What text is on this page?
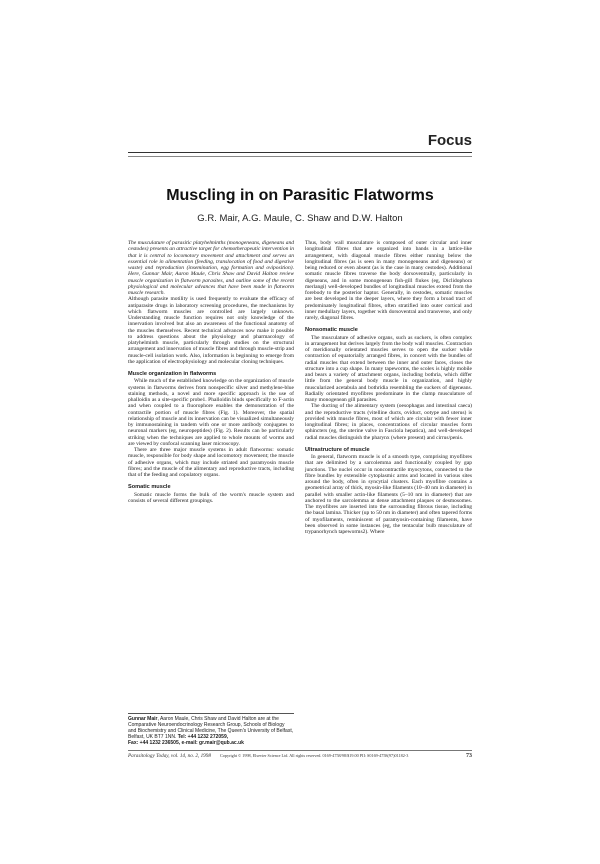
Focus
Muscling in on Parasitic Flatworms
G.R. Mair, A.G. Maule, C. Shaw and D.W. Halton

The musculature of parasitic platyhelminths (monogeneans, digeneans and cestodes) presents an attractive target for chemotherapeutic intervention in that it is central to locomotory movement and attachment and serves an essential role in alimentation (feeding, translocation of food and digestive waste) and reproduction (insemination, egg formation and oviposition). Here, Gunnar Mair, Aaron Maule, Chris Shaw and David Halton review muscle organization in flatworm parasites, and outline some of the recent physiological and molecular advances that have been made in flatworm muscle research.

Although parasite motility is used frequently to evaluate the efficacy of antiparasite drugs in laboratory screening procedures, the mechanisms by which flatworm muscles are controlled are largely unknown. Understanding muscle function requires not only knowledge of the innervation involved but also an awareness of the functional anatomy of the muscles themselves. Recent technical advances now make it possible to address questions about the physiology and pharmacology of platyhelminth muscle, particularly through studies on the structural arrangement and innervation of muscle fibres and through muscle-strip and muscle-cell isolation work. Also, information is beginning to emerge from the application of electrophysiology and molecular cloning techniques.

Muscle organization in flatworms

While much of the established knowledge on the organization of muscle systems in flatworms derives from nonspecific silver and methylene-blue staining methods, a novel and more specific approach is the use of phalloidin as a site-specific probe1. Phalloidin binds specifically to F-actin and when coupled to a fluorophore enables the demonstration of the contractile portion of muscle fibres (Fig. 1). Moreover, the spatial relationship of muscle and its innervation can be visualized simultaneously by immunostaining in tandem with one or more antibody conjugates to neuronal markers (eg, neuropeptides) (Fig. 2). Results can be particularly striking when the techniques are applied to whole mounts of worms and are viewed by confocal scanning laser microscopy.

There are three major muscle systems in adult flatworms: somatic muscle, responsible for body shape and locomotory movement; the muscle of adhesive organs, which may include striated and paramyosin muscle fibres; and the muscle of the alimentary and reproductive tracts, including that of the feeding and copulatory organs.

Somatic muscle

Somatic muscle forms the bulk of the worm's muscle system and consists of several different groupings.

Thus, body wall musculature is composed of outer circular and inner longitudinal fibres that are organized into bands in a lattice-like arrangement, with diagonal muscle fibres either running below the longitudinal fibres (as is seen in many monogeneans and digeneans) or being reduced or even absent (as is the case in many cestodes). Additional somatic muscle fibres traverse the body dorsoventrally, particularly in digeneans, and in some monogenean fish-gill flukes (eg, Diclidophora merlangi) well-developed bundles of longitudinal muscles extend from the forebody to the posterior haptor. Generally, in cestodes, somatic muscles are best developed in the deeper layers, where they form a broad tract of predominately longitudinal fibres, often stratified into outer cortical and inner medullary layers, together with dorsoventral and transverse, and only rarely, diagonal fibres.

Nonsomatic muscle

The musculature of adhesive organs, such as suckers, is often complex in arrangement but derives largely from the body wall muscles. Contraction of meridionally orientated muscles serves to open the sucker while contraction of equatorially arranged fibres, in concert with the bundles of radial muscles that extend between the inner and outer faces, closes the structure into a cup shape. In many tapeworms, the scolex is highly mobile and bears a variety of attachment organs, including bothria, which differ little from the general body muscle in organization, and highly muscularized acetabula and bothridia resembling the suckers of digeneans. Radially orientated myofibres predominate in the clamp musculature of many monogenean gill parasites.

The ducting of the alimentary system (oesophagus and intestinal caeca) and the reproductive tracts (vitelline ducts, oviduct, ootype and uterus) is provided with muscle fibres, most of which are circular with fewer inner longitudinal fibres; in places, concentrations of circular muscles form sphincters (eg, the uterine valve in Fasciola hepatica), and well-developed radial muscles distinguish the pharynx (where present) and cirrus/penis.

Ultrastructure of muscle

In general, flatworm muscle is of a smooth type, comprising myofibres that are delimited by a sarcolemma and functionally coupled by gap junctions. The nuclei occur in noncontractile myocytons, connected to the fibre bundles by extensible cytoplasmic arms and located in various sites around the body, often in syncytial clusters. Each myofibre contains a geometrical array of thick, myosin-like filaments (10–40 nm in diameter) in parallel with smaller actin-like filaments (5–10 nm in diameter) that are anchored to the sarcolemma at dense attachment plaques or desmosomes. The myofibres are inserted into the surrounding fibrous tissue, including the basal lamina. Thicker (up to 50 nm in diameter) and often tapered forms of myofilaments, reminiscent of paramyosin-containing filaments, have been observed in some instances (eg, the tentacular bulb musculature of trypanorhynch tapeworms2). Where

Gunnar Mair, Aaron Maule, Chris Shaw and David Halton are at the Comparative Neuroendocrinology Research Group, Schools of Biology and Biochemistry and Clinical Medicine, The Queen's University of Belfast, Belfast, UK BT7 1NN. Tel: +44 1232 272059,
Fax: +44 1232 236505, e-mail: gr.mair@qub.ac.uk
Parasitology Today, vol. 14, no. 2, 1998 Copyright © 1998, Elsevier Science Ltd. All rights reserved. 0169-4758/98/$19.00 PII: S0169-4758(97)01182-3	73
